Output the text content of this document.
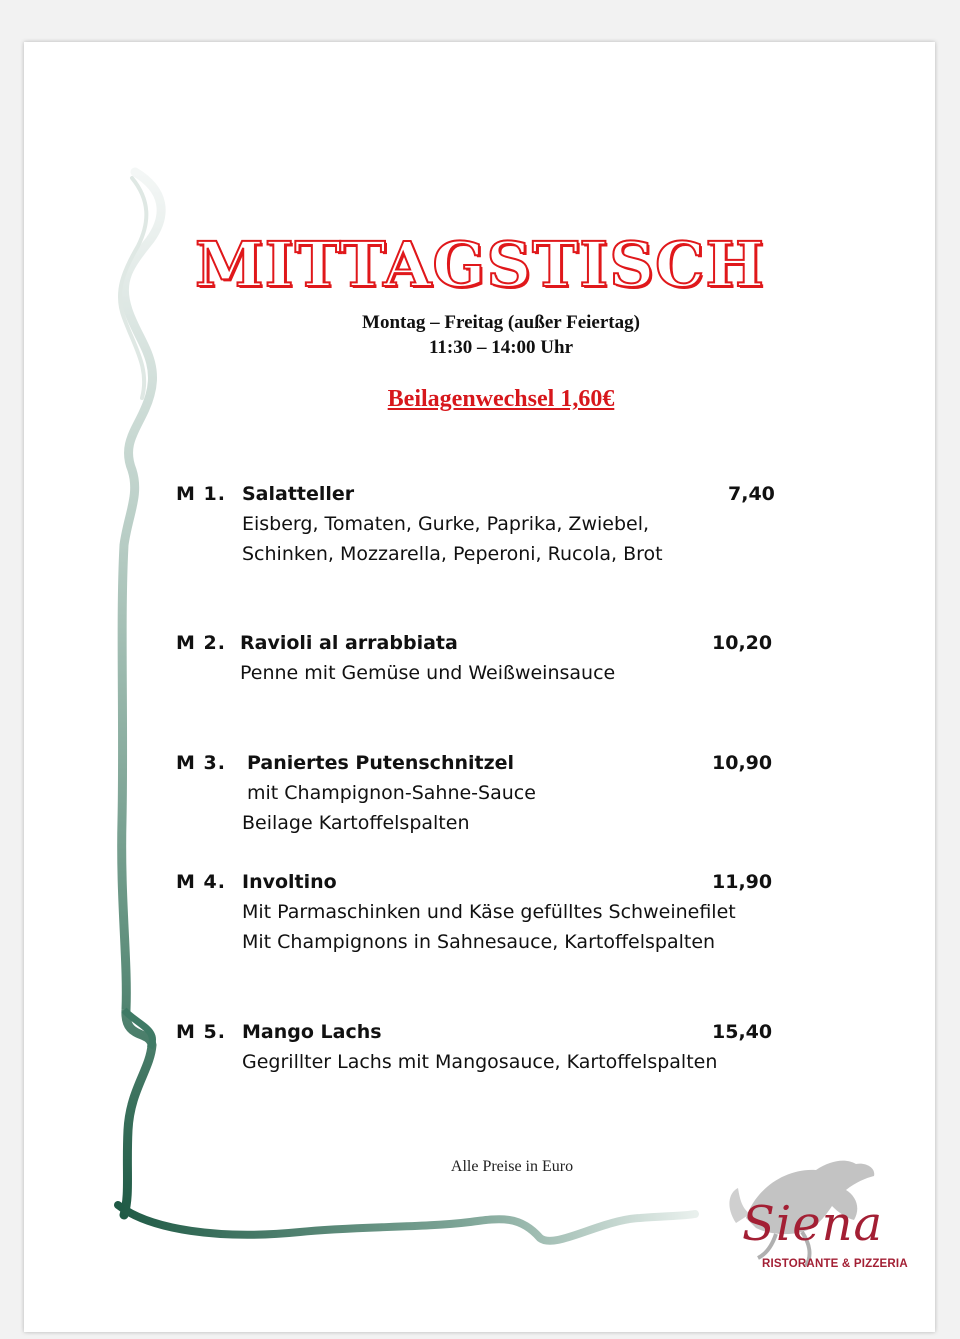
MITTAGSTISCH
Montag – Freitag (außer Feiertag)
11:30 – 14:00 Uhr
Beilagenwechsel 1,60€
M 1. Salatteller	7,40
Eisberg, Tomaten, Gurke, Paprika, Zwiebel,
Schinken, Mozzarella, Peperoni, Rucola, Brot
M 2. Ravioli al arrabbiata	10,20
Penne mit Gemüse und Weißweinsauce
M 3. Paniertes Putenschnitzel	10,90
mit Champignon-Sahne-Sauce
Beilage Kartoffelspalten
M 4. Involtino	11,90
Mit Parmaschinken und Käse gefülltes Schweinefilet
Mit Champignons in Sahnesauce, Kartoffelspalten
M 5. Mango Lachs	15,40
Gegrillter Lachs mit Mangosauce, Kartoffelspalten
Alle Preise in Euro
Siena
RISTORANTE & PIZZERIA
